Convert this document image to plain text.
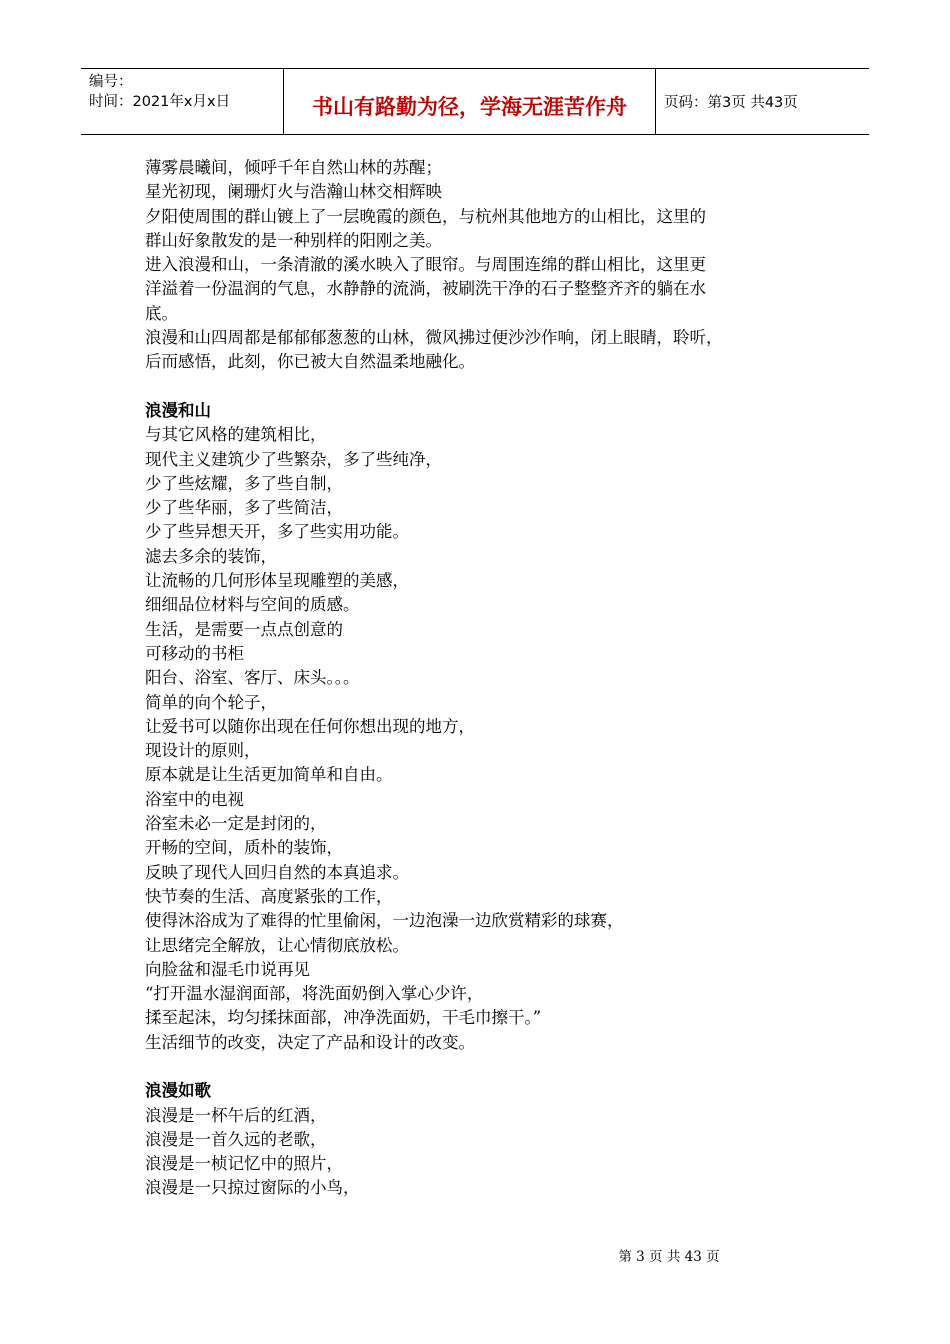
编号：
时间：2021年x月x日	书山有路勤为径，学海无涯苦作舟	页码：第3页 共43页

薄雾晨曦间，倾呼千年自然山林的苏醒；

星光初现，阑珊灯火与浩瀚山林交相辉映

夕阳使周围的群山镀上了一层晚霞的颜色，与杭州其他地方的山相比，这里的

群山好象散发的是一种别样的阳刚之美。

进入浪漫和山，一条清澈的溪水映入了眼帘。与周围连绵的群山相比，这里更

洋溢着一份温润的气息，水静静的流淌，被刷洗干净的石子整整齐齐的躺在水

底。

浪漫和山四周都是郁郁郁葱葱的山林，微风拂过便沙沙作响，闭上眼睛，聆听，

后而感悟，此刻，你已被大自然温柔地融化。

浪漫和山

与其它风格的建筑相比，

现代主义建筑少了些繁杂，多了些纯净，

少了些炫耀，多了些自制，

少了些华丽，多了些简洁，

少了些异想天开，多了些实用功能。

滤去多余的装饰，

让流畅的几何形体呈现雕塑的美感，

细细品位材料与空间的质感。

生活，是需要一点点创意的

可移动的书柜

阳台、浴室、客厅、床头。。。

简单的向个轮子，

让爱书可以随你出现在任何你想出现的地方，

现设计的原则，

原本就是让生活更加简单和自由。

浴室中的电视

浴室未必一定是封闭的，

开畅的空间，质朴的装饰，

反映了现代人回归自然的本真追求。

快节奏的生活、高度紧张的工作，

使得沐浴成为了难得的忙里偷闲，一边泡澡一边欣赏精彩的球赛，

让思绪完全解放，让心情彻底放松。

向脸盆和湿毛巾说再见

“打开温水湿润面部，将洗面奶倒入掌心少许，

揉至起沫，均匀揉抹面部，冲净洗面奶，干毛巾擦干。”

生活细节的改变，决定了产品和设计的改变。

浪漫如歌

浪漫是一杯午后的红酒，

浪漫是一首久远的老歌，

浪漫是一桢记忆中的照片，

浪漫是一只掠过窗际的小鸟，

第 3 页 共 43 页
